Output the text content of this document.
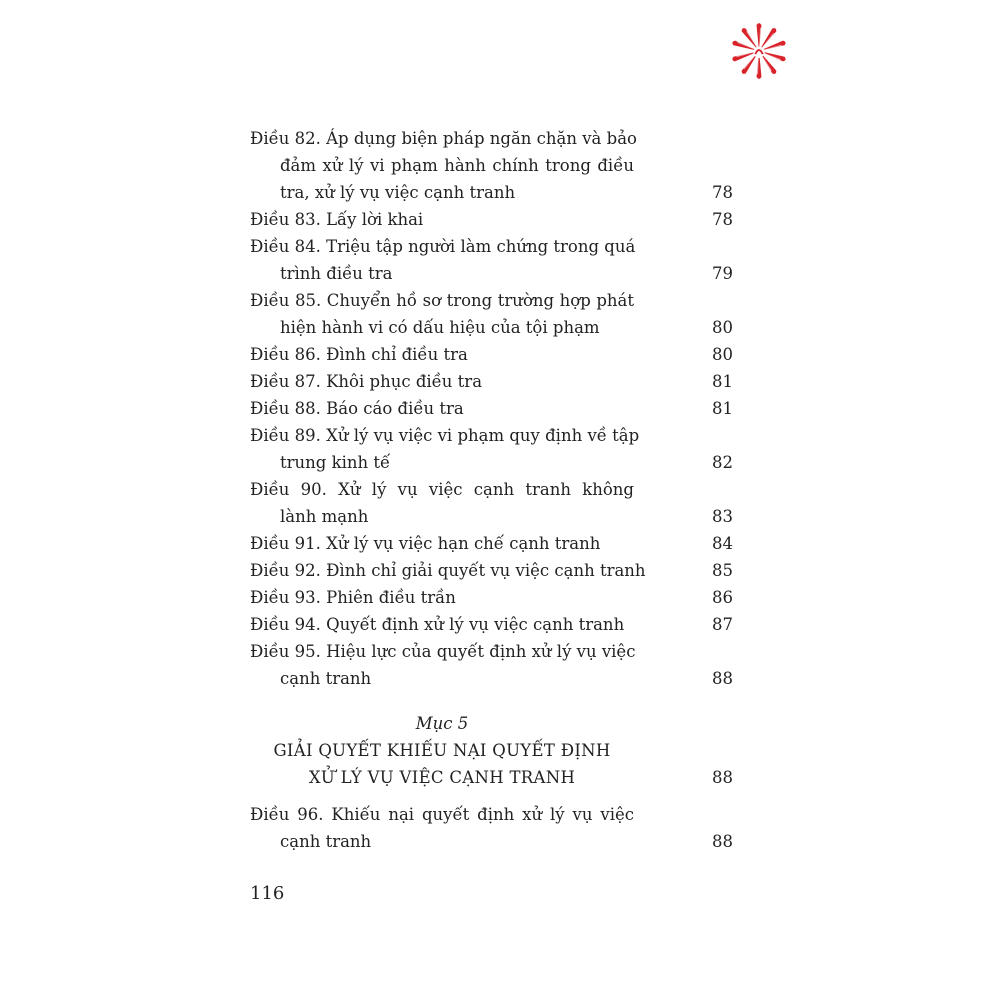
Điều 82. Áp dụng biện pháp ngăn chặn và bảo
đảm xử lý vi phạm hành chính trong điều
tra, xử lý vụ việc cạnh tranh	78
Điều 83. Lấy lời khai	78
Điều 84. Triệu tập người làm chứng trong quá
trình điều tra	79
Điều 85. Chuyển hồ sơ trong trường hợp phát
hiện hành vi có dấu hiệu của tội phạm	80
Điều 86. Đình chỉ điều tra	80
Điều 87. Khôi phục điều tra	81
Điều 88. Báo cáo điều tra	81
Điều 89. Xử lý vụ việc vi phạm quy định về tập
trung kinh tế	82
Điều 90. Xử lý vụ việc cạnh tranh không
lành mạnh	83
Điều 91. Xử lý vụ việc hạn chế cạnh tranh	84
Điều 92. Đình chỉ giải quyết vụ việc cạnh tranh	85
Điều 93. Phiên điều trần	86
Điều 94. Quyết định xử lý vụ việc cạnh tranh	87
Điều 95. Hiệu lực của quyết định xử lý vụ việc
cạnh tranh	88
Mục 5
GIẢI QUYẾT KHIẾU NẠI QUYẾT ĐỊNH
XỬ LÝ VỤ VIỆC CẠNH TRANH	88
Điều 96. Khiếu nại quyết định xử lý vụ việc
cạnh tranh	88
116
